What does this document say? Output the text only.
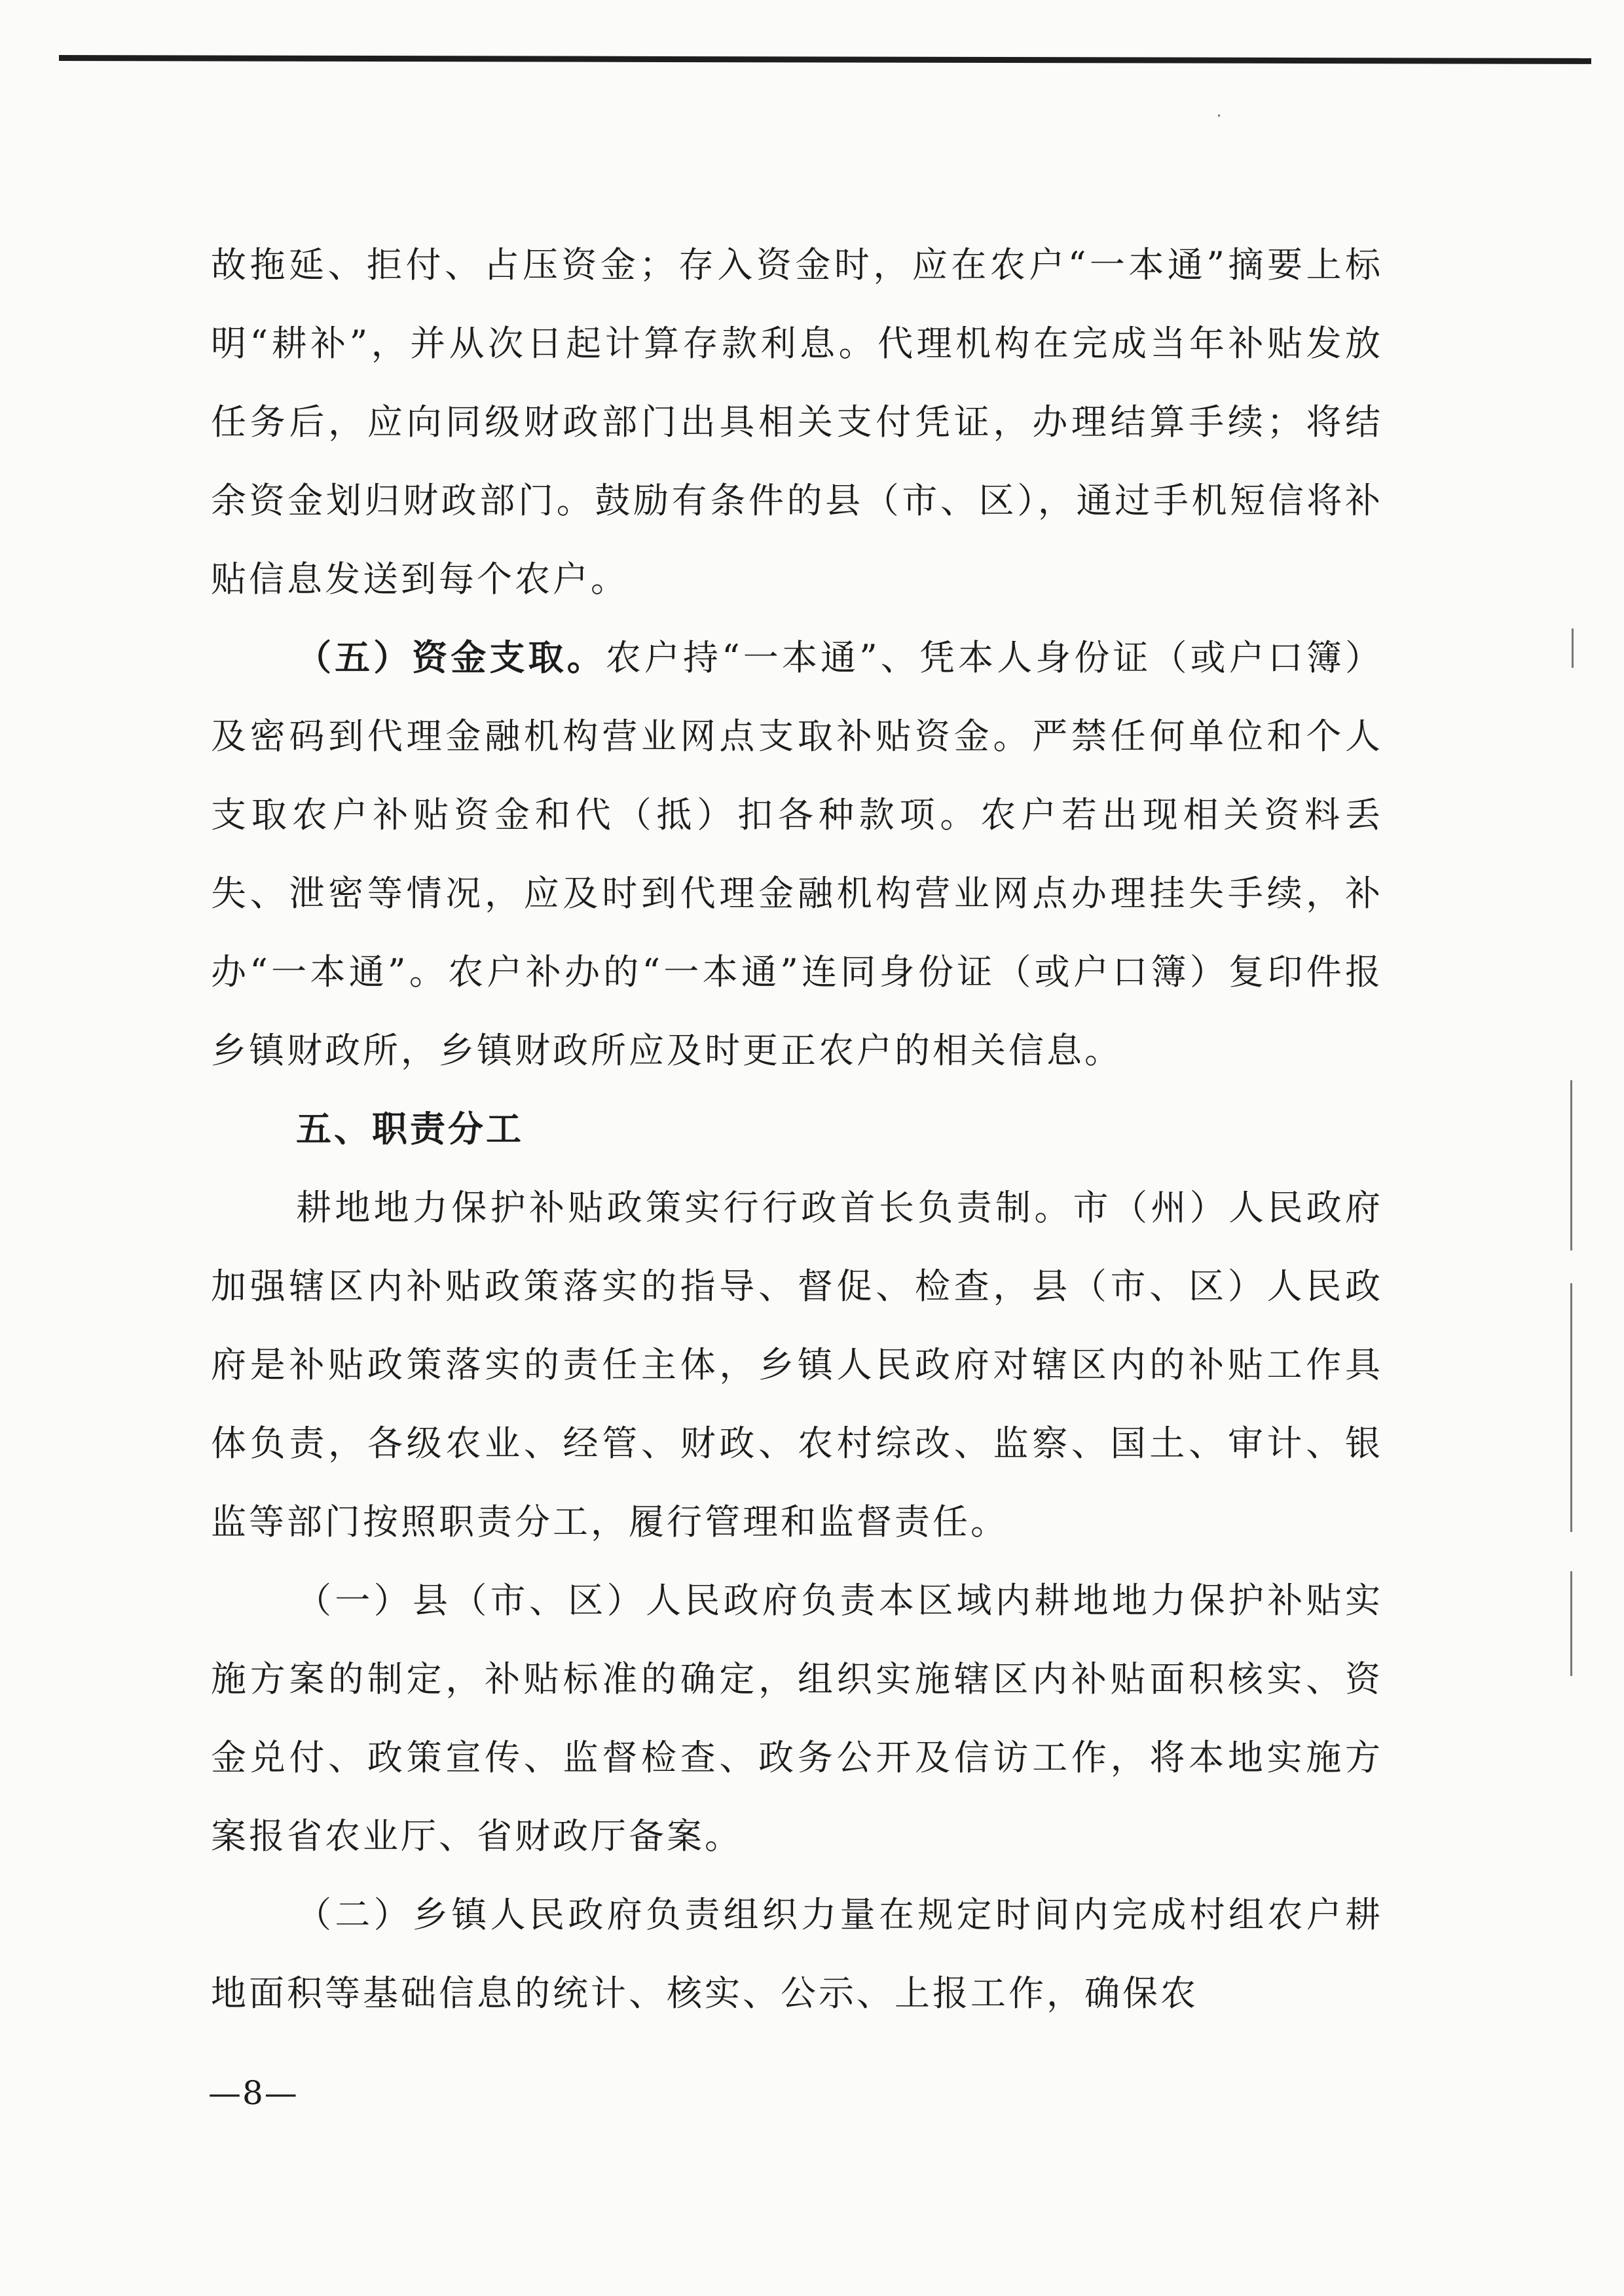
故拖延、拒付、占压资金；存入资金时，应在农户“一本通”摘要上标明“耕补”，并从次日起计算存款利息。代理机构在完成当年补贴发放任务后，应向同级财政部门出具相关支付凭证，办理结算手续；将结余资金划归财政部门。鼓励有条件的县（市、区），通过手机短信将补贴信息发送到每个农户。

（五）资金支取。农户持“一本通”、凭本人身份证（或户口簿）及密码到代理金融机构营业网点支取补贴资金。严禁任何单位和个人支取农户补贴资金和代（抵）扣各种款项。农户若出现相关资料丢失、泄密等情况，应及时到代理金融机构营业网点办理挂失手续，补办“一本通”。农户补办的“一本通”连同身份证（或户口簿）复印件报乡镇财政所，乡镇财政所应及时更正农户的相关信息。

五、职责分工

耕地地力保护补贴政策实行行政首长负责制。市（州）人民政府加强辖区内补贴政策落实的指导、督促、检查，县（市、区）人民政府是补贴政策落实的责任主体，乡镇人民政府对辖区内的补贴工作具体负责，各级农业、经管、财政、农村综改、监察、国土、审计、银监等部门按照职责分工，履行管理和监督责任。

（一）县（市、区）人民政府负责本区域内耕地地力保护补贴实施方案的制定，补贴标准的确定，组织实施辖区内补贴面积核实、资金兑付、政策宣传、监督检查、政务公开及信访工作，将本地实施方案报省农业厅、省财政厅备案。

（二）乡镇人民政府负责组织力量在规定时间内完成村组农户耕地面积等基础信息的统计、核实、公示、上报工作，确保农

—8—
